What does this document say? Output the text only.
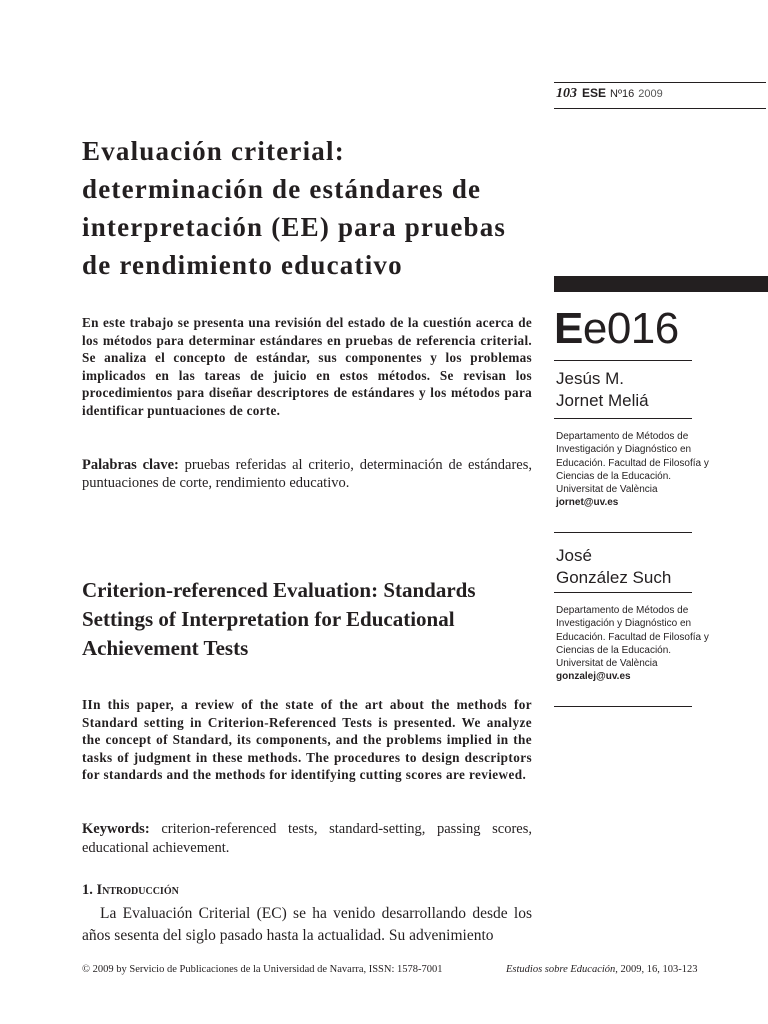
103 ESE Nº16 2009
Evaluación criterial: determinación de estándares de interpretación (EE) para pruebas de rendimiento educativo
En este trabajo se presenta una revisión del estado de la cuestión acerca de los métodos para determinar estándares en pruebas de referencia criterial. Se analiza el concepto de estándar, sus componentes y los problemas implicados en las tareas de juicio en estos métodos. Se revisan los procedimientos para diseñar descriptores de estándares y los métodos para identificar puntuaciones de corte.
Palabras clave: pruebas referidas al criterio, determinación de estándares, puntuaciones de corte, rendimiento educativo.
Criterion-referenced Evaluation: Standards Settings of Interpretation for Educational Achievement Tests
IIn this paper, a review of the state of the art about the methods for Standard setting in Criterion-Referenced Tests is presented. We analyze the concept of Standard, its components, and the problems implied in the tasks of judgment in these methods. The procedures to design descriptors for standards and the methods for identifying cutting scores are reviewed.
Keywords: criterion-referenced tests, standard-setting, passing scores, educational achievement.
1. Introducción
La Evaluación Criterial (EC) se ha venido desarrollando desde los años sesenta del siglo pasado hasta la actualidad. Su advenimiento
Ee016
Jesús M.
Jornet Meliá
Departamento de Métodos de Investigación y Diagnóstico en Educación. Facultad de Filosofía y Ciencias de la Educación. Universitat de València
jornet@uv.es
José
González Such
Departamento de Métodos de Investigación y Diagnóstico en Educación. Facultad de Filosofía y Ciencias de la Educación. Universitat de València
gonzalej@uv.es
© 2009 by Servicio de Publicaciones de la Universidad de Navarra, ISSN: 1578-7001	Estudios sobre Educación, 2009, 16, 103-123
